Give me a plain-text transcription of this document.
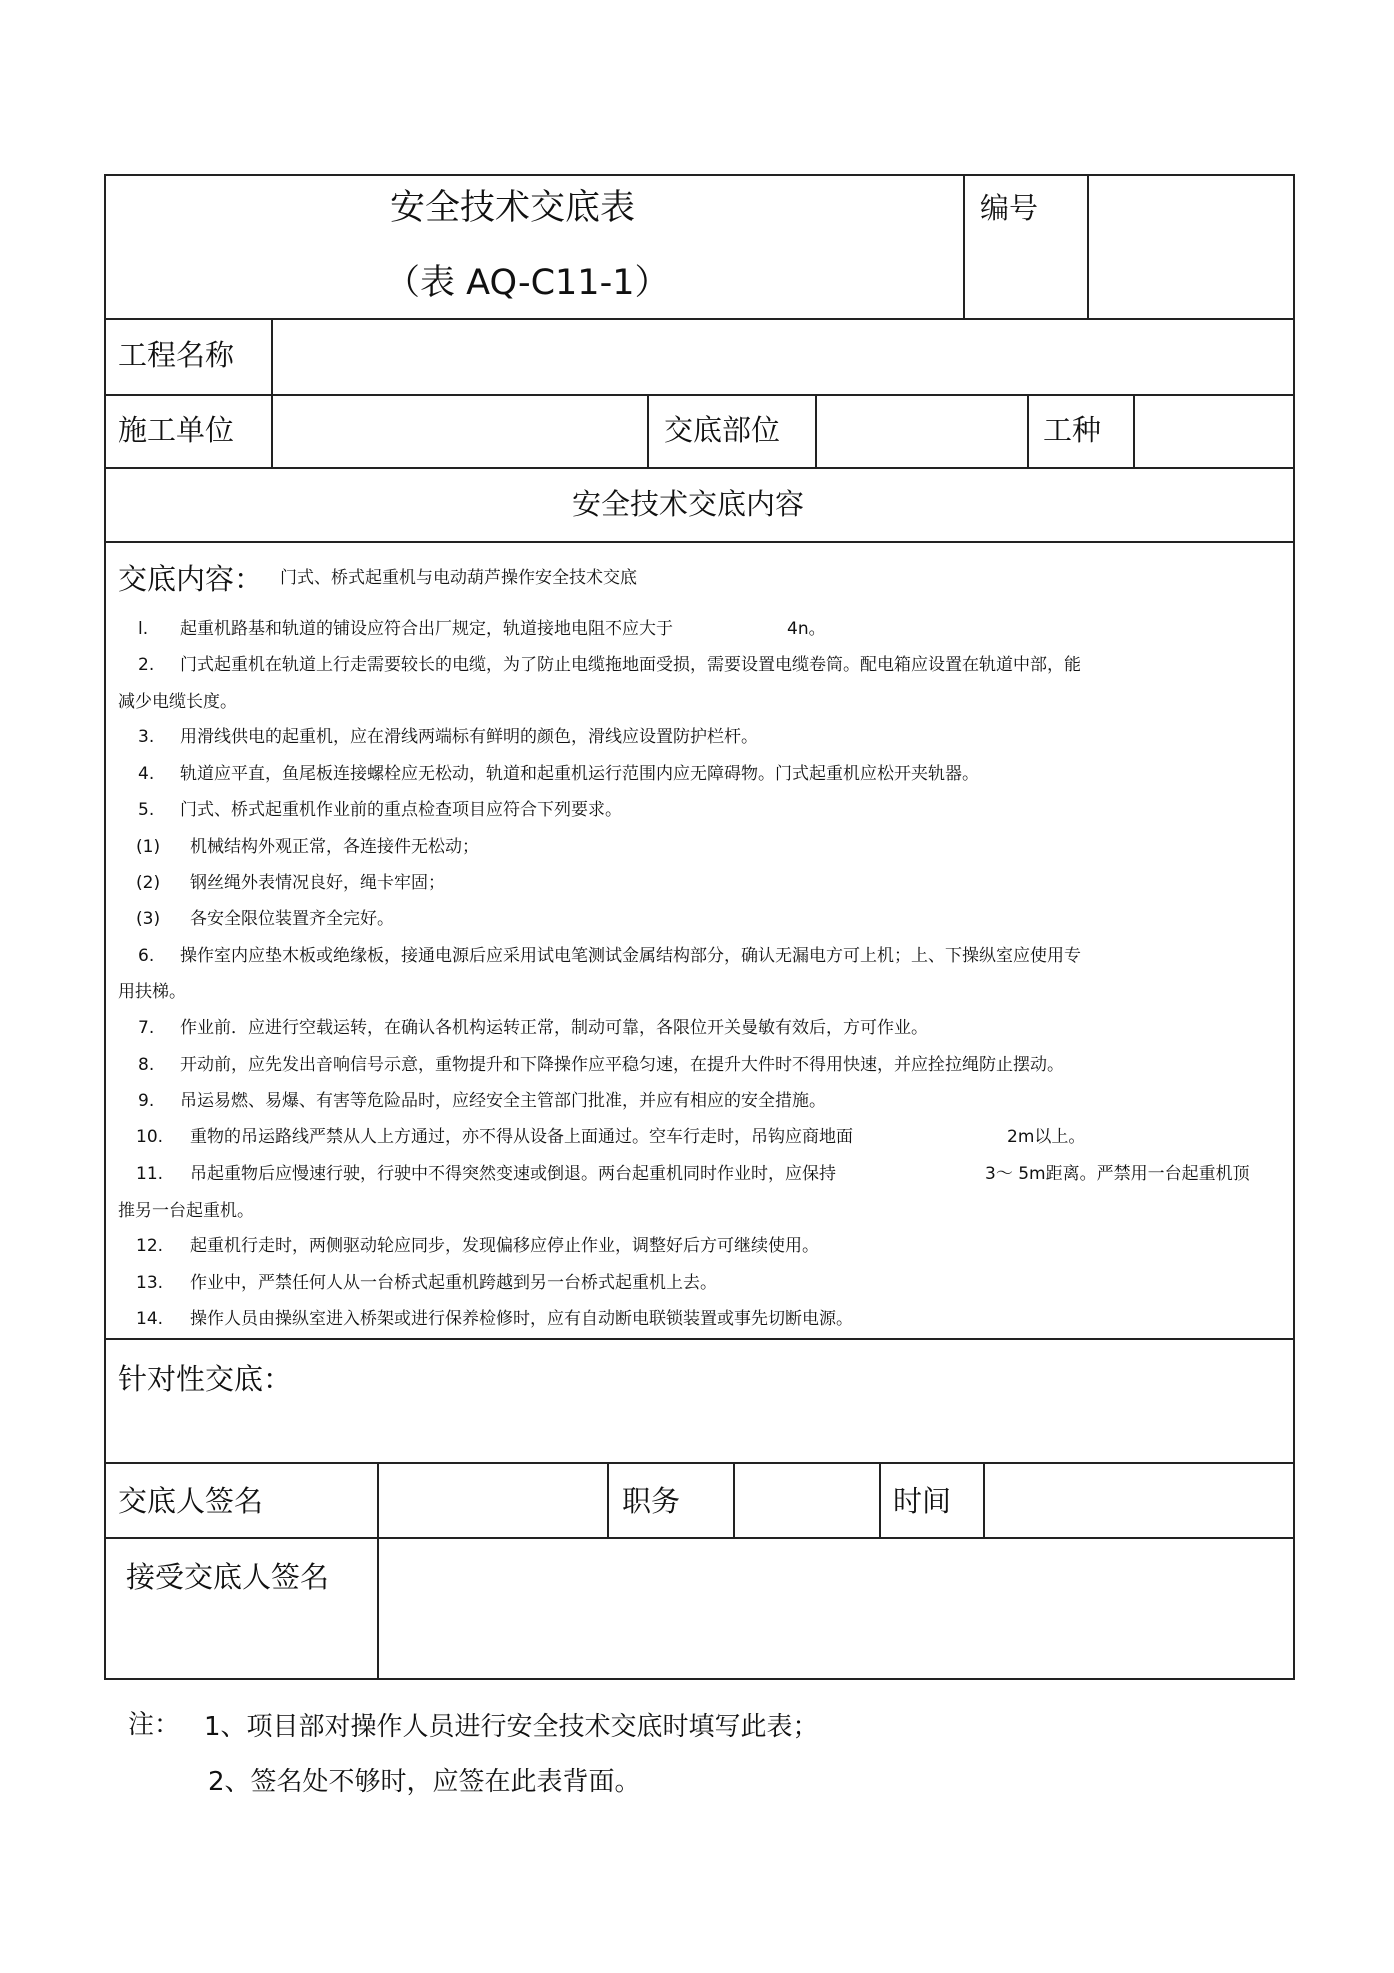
安全技术交底表
（表 AQ-C11-1）
编号
工程名称
施工单位	交底部位	工种
安全技术交底内容
交底内容： 门式、桥式起重机与电动葫芦操作安全技术交底
l. 起重机路基和轨道的铺设应符合出厂规定，轨道接地电阻不应大于	4n。
2. 门式起重机在轨道上行走需要较长的电缆，为了防止电缆拖地面受损，需要设置电缆卷筒。配电箱应设置在轨道中部，能
减少电缆长度。
3. 用滑线供电的起重机，应在滑线两端标有鲜明的颜色，滑线应设置防护栏杆。
4. 轨道应平直，鱼尾板连接螺栓应无松动，轨道和起重机运行范围内应无障碍物。门式起重机应松开夹轨器。
5. 门式、桥式起重机作业前的重点检查项目应符合下列要求。
(1) 机械结构外观正常，各连接件无松动；
(2) 钢丝绳外表情况良好，绳卡牢固；
(3) 各安全限位装置齐全完好。
6. 操作室内应垫木板或绝缘板，接通电源后应采用试电笔测试金属结构部分，确认无漏电方可上机；上、下操纵室应使用专
用扶梯。
7. 作业前．应进行空载运转，在确认各机构运转正常，制动可靠，各限位开关曼敏有效后，方可作业。
8. 开动前，应先发出音响信号示意，重物提升和下降操作应平稳匀速，在提升大件时不得用快速，并应拴拉绳防止摆动。
9. 吊运易燃、易爆、有害等危险品时，应经安全主管部门批准，并应有相应的安全措施。
10. 重物的吊运路线严禁从人上方通过，亦不得从设备上面通过。空车行走时，吊钩应商地面	2m以上。
11. 吊起重物后应慢速行驶，行驶中不得突然变速或倒退。两台起重机同时作业时，应保持	3～ 5m距离。严禁用一台起重机顶
推另一台起重机。
12. 起重机行走时，两侧驱动轮应同步，发现偏移应停止作业，调整好后方可继续使用。
13. 作业中，严禁任何人从一台桥式起重机跨越到另一台桥式起重机上去。
14. 操作人员由操纵室进入桥架或进行保养检修时，应有自动断电联锁装置或事先切断电源。
针对性交底：
交底人签名	职务	时间
接受交底人签名
注： 1、项目部对操作人员进行安全技术交底时填写此表；
2、签名处不够时，应签在此表背面。
